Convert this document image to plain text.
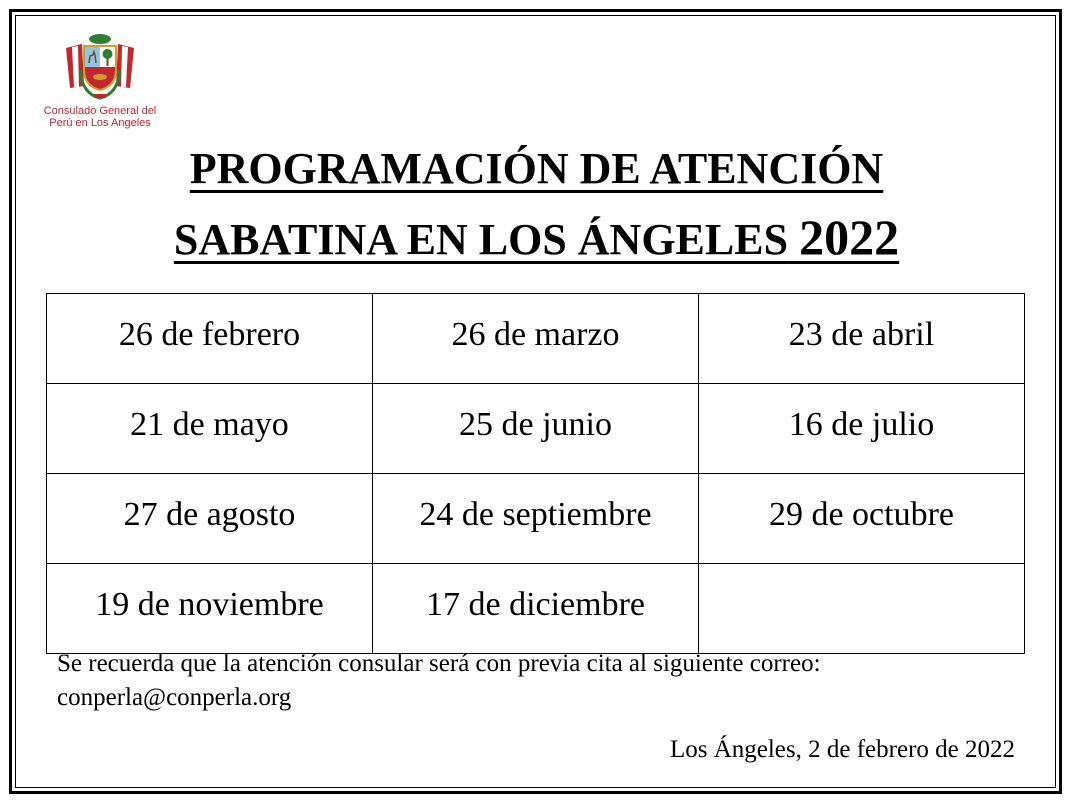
Consulado General del
Perú en Los Angeles
PROGRAMACIÓN DE ATENCIÓN
SABATINA EN LOS ÁNGELES 2022
26 de febrero	26 de marzo	23 de abril
21 de mayo	25 de junio	16 de julio
27 de agosto	24 de septiembre	29 de octubre
19 de noviembre	17 de diciembre	
Se recuerda que la atención consular será con previa cita al siguiente correo:
conperla@conperla.org
Los Ángeles, 2 de febrero de 2022
